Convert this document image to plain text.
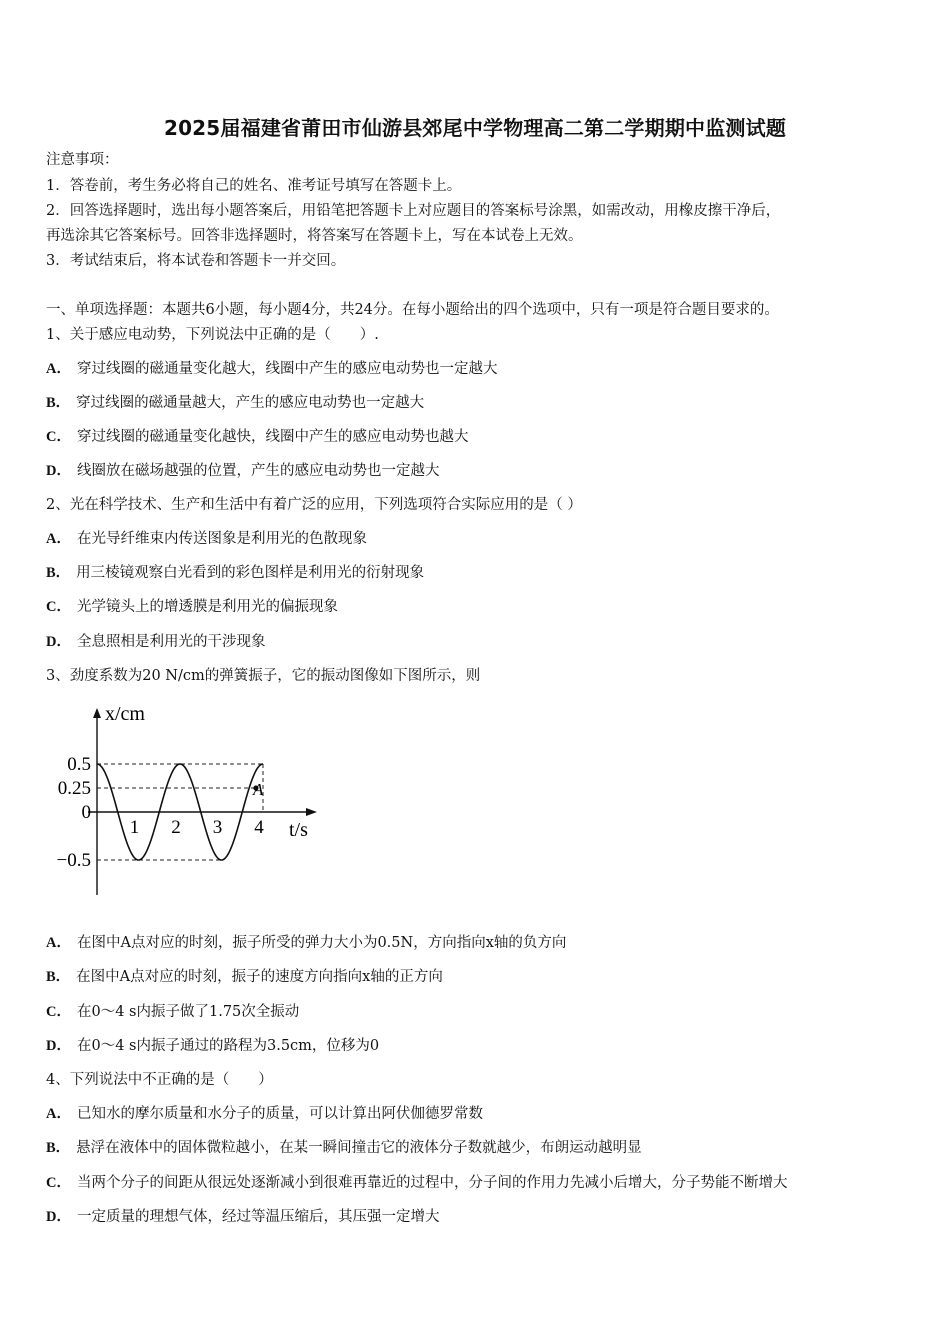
2025届福建省莆田市仙游县郊尾中学物理高二第二学期期中监测试题
注意事项：
1．答卷前，考生务必将自己的姓名、准考证号填写在答题卡上。
2．回答选择题时，选出每小题答案后，用铅笔把答题卡上对应题目的答案标号涂黑，如需改动，用橡皮擦干净后，
再选涂其它答案标号。回答非选择题时，将答案写在答题卡上，写在本试卷上无效。
3．考试结束后，将本试卷和答题卡一并交回。
一、单项选择题：本题共6小题，每小题4分，共24分。在每小题给出的四个选项中，只有一项是符合题目要求的。
1、关于感应电动势，下列说法中正确的是（　　）.
A． 穿过线圈的磁通量变化越大，线圈中产生的感应电动势也一定越大
B． 穿过线圈的磁通量越大，产生的感应电动势也一定越大
C． 穿过线圈的磁通量变化越快，线圈中产生的感应电动势也越大
D． 线圈放在磁场越强的位置，产生的感应电动势也一定越大
2、光在科学技术、生产和生活中有着广泛的应用，下列选项符合实际应用的是（ ）
A． 在光导纤维束内传送图象是利用光的色散现象
B． 用三棱镜观察白光看到的彩色图样是利用光的衍射现象
C． 光学镜头上的增透膜是利用光的偏振现象
D． 全息照相是利用光的干涉现象
3、劲度系数为20 N/cm的弹簧振子，它的振动图像如下图所示，则
A
0.5
0.25
0
−0.5
1 2 3 4
x/cm
t/s
A． 在图中A点对应的时刻，振子所受的弹力大小为0.5N，方向指向x轴的负方向
B． 在图中A点对应的时刻，振子的速度方向指向x轴的正方向
C． 在0～4 s内振子做了1.75次全振动
D． 在0～4 s内振子通过的路程为3.5cm，位移为0
4、下列说法中不正确的是（　　）
A． 已知水的摩尔质量和水分子的质量，可以计算出阿伏伽德罗常数
B． 悬浮在液体中的固体微粒越小，在某一瞬间撞击它的液体分子数就越少，布朗运动越明显
C． 当两个分子的间距从很远处逐渐减小到很难再靠近的过程中，分子间的作用力先减小后增大，分子势能不断增大
D． 一定质量的理想气体，经过等温压缩后，其压强一定增大
